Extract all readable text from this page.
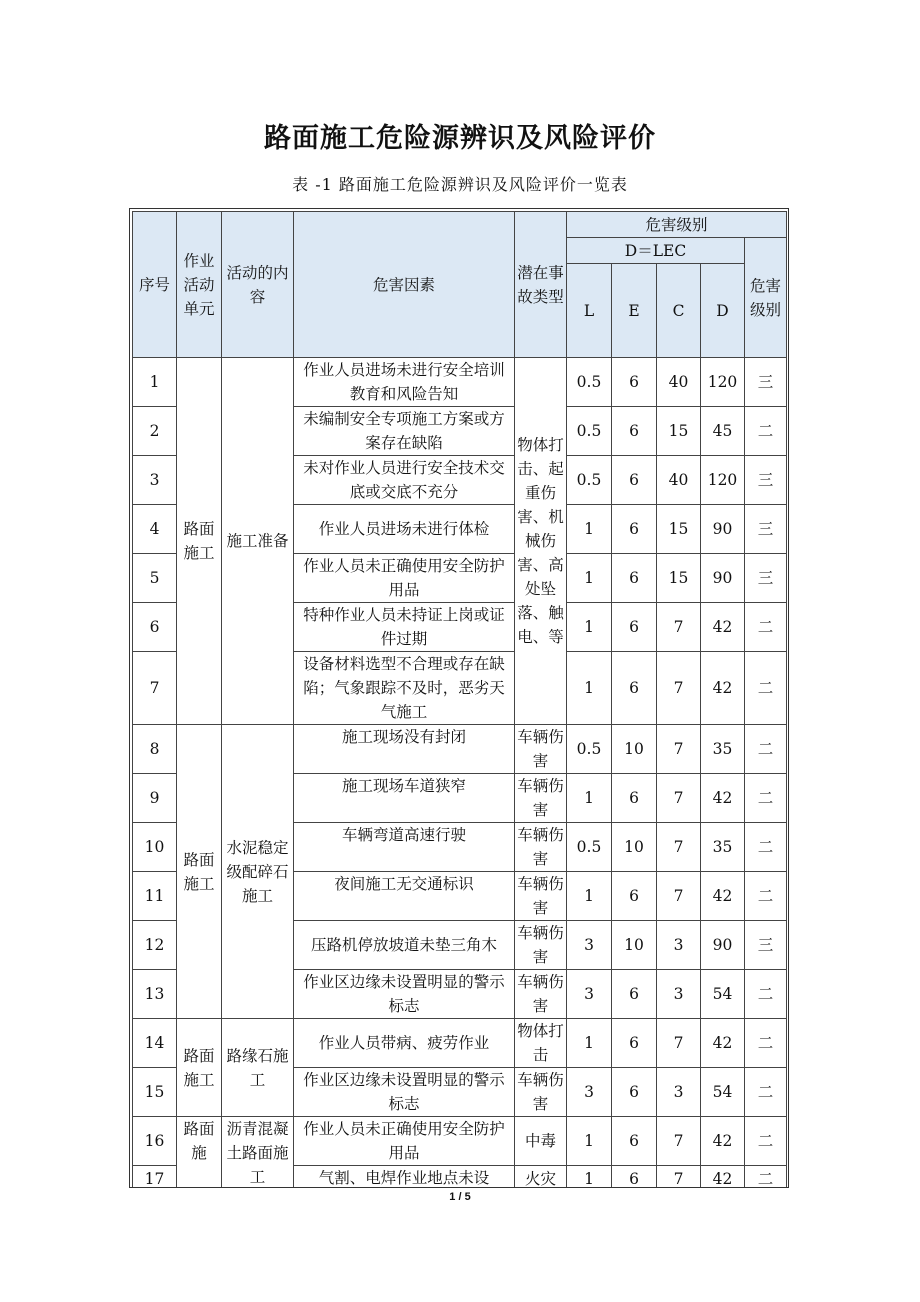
路面施工危险源辨识及风险评价
表 -1 路面施工危险源辨识及风险评价一览表
序号	作业活动单元	活动的内容	危害因素	潜在事故类型	危害级别				
					D＝LEC				危害级别
					L	E	C	D	
1	路面施工	施工准备	作业人员进场未进行安全培训教育和风险告知	物体打击、起重伤害、机械伤害、高处坠落、触电、等	0.5	6	40	120	三
2			未编制安全专项施工方案或方案存在缺陷		0.5	6	15	45	二
3			未对作业人员进行安全技术交底或交底不充分		0.5	6	40	120	三
4			作业人员进场未进行体检		1	6	15	90	三
5			作业人员未正确使用安全防护用品		1	6	15	90	三
6			特种作业人员未持证上岗或证件过期		1	6	7	42	二
7			设备材料选型不合理或存在缺陷；气象跟踪不及时，恶劣天气施工		1	6	7	42	二
8	路面施工	水泥稳定级配碎石施工	施工现场没有封闭	车辆伤害	0.5	10	7	35	二
9			施工现场车道狭窄	车辆伤害	1	6	7	42	二
10			车辆弯道高速行驶	车辆伤害	0.5	10	7	35	二
11			夜间施工无交通标识	车辆伤害	1	6	7	42	二
12			压路机停放坡道未垫三角木	车辆伤害	3	10	3	90	三
13			作业区边缘未设置明显的警示标志	车辆伤害	3	6	3	54	二
14	路面施工	路缘石施工	作业人员带病、疲劳作业	物体打击	1	6	7	42	二
15			作业区边缘未设置明显的警示标志	车辆伤害	3	6	3	54	二
16	路面施	沥青混凝土路面施工	作业人员未正确使用安全防护用品	中毒	1	6	7	42	二
17			气割、电焊作业地点未设	火灾	1	6	7	42	二
1 / 5
